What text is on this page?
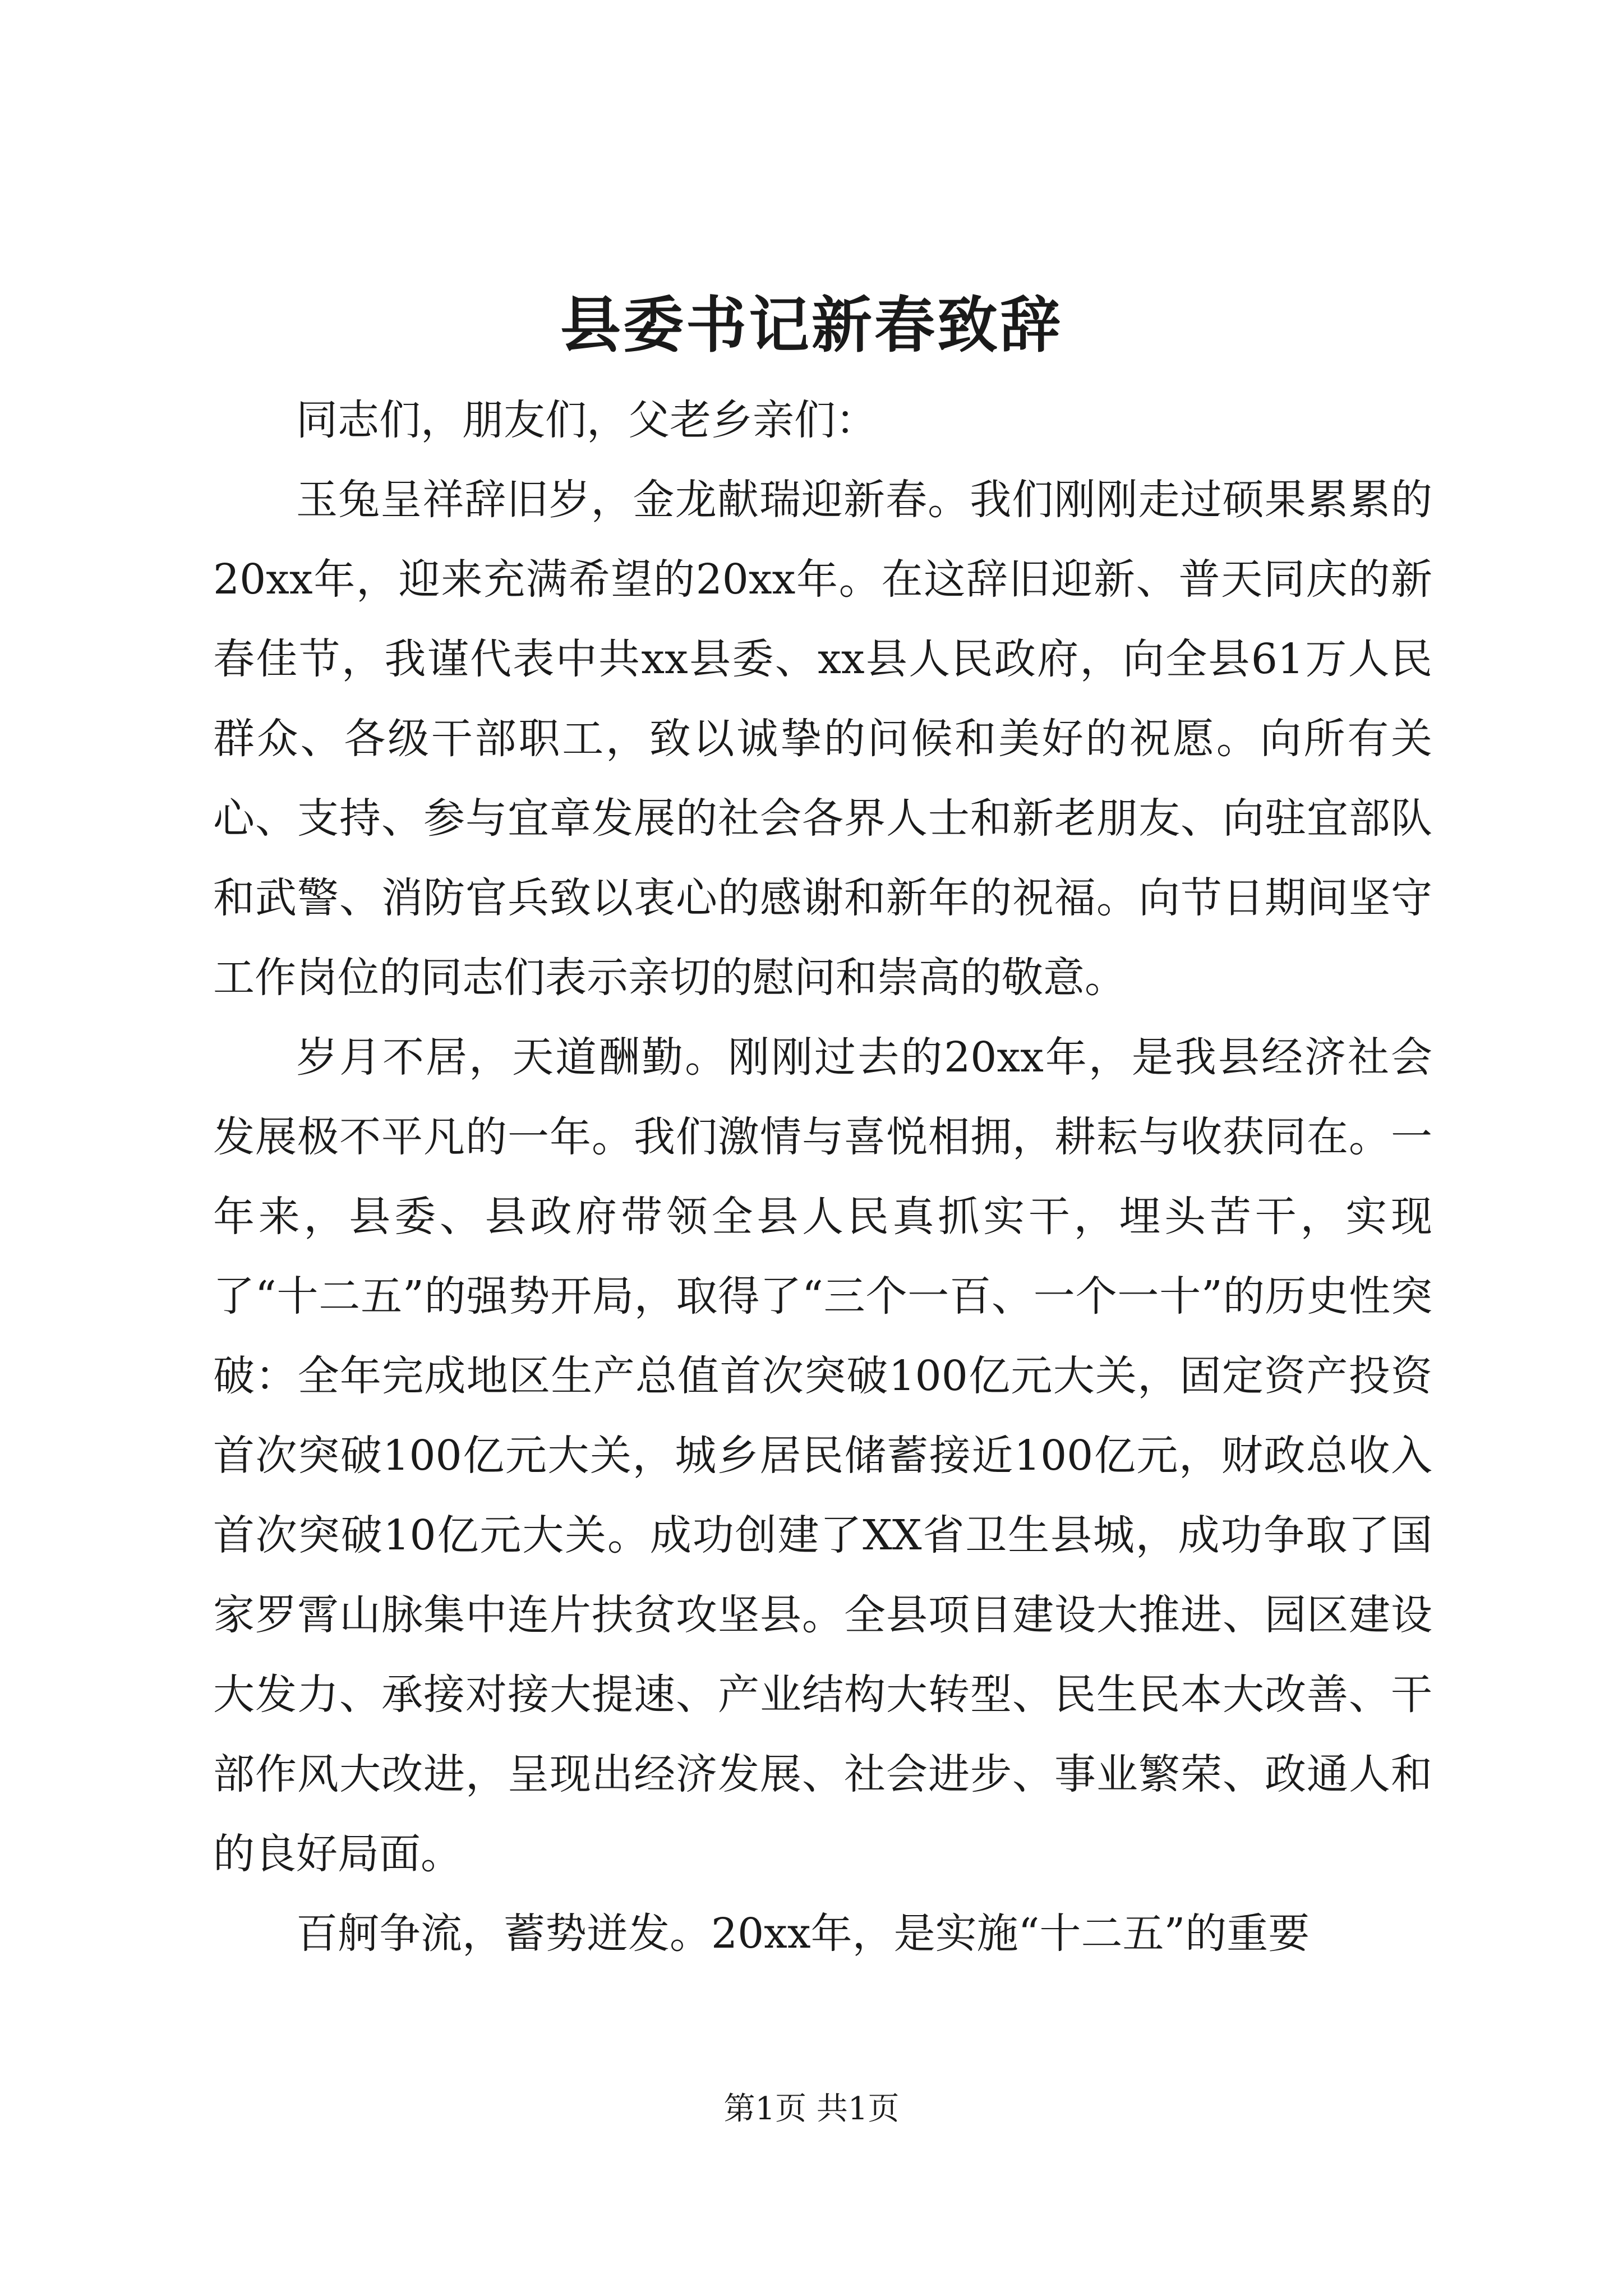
县委书记新春致辞

同志们，朋友们，父老乡亲们：

玉兔呈祥辞旧岁，金龙献瑞迎新春。我们刚刚走过硕果累累的20xx年，迎来充满希望的20xx年。在这辞旧迎新、普天同庆的新春佳节，我谨代表中共xx县委、xx县人民政府，向全县61万人民群众、各级干部职工，致以诚挚的问候和美好的祝愿。向所有关心、支持、参与宜章发展的社会各界人士和新老朋友、向驻宜部队和武警、消防官兵致以衷心的感谢和新年的祝福。向节日期间坚守工作岗位的同志们表示亲切的慰问和崇高的敬意。

岁月不居，天道酬勤。刚刚过去的20xx年，是我县经济社会发展极不平凡的一年。我们激情与喜悦相拥，耕耘与收获同在。一年来，县委、县政府带领全县人民真抓实干，埋头苦干，实现了“十二五”的强势开局，取得了“三个一百、一个一十”的历史性突破：全年完成地区生产总值首次突破100亿元大关，固定资产投资首次突破100亿元大关，城乡居民储蓄接近100亿元，财政总收入首次突破10亿元大关。成功创建了XX省卫生县城，成功争取了国家罗霄山脉集中连片扶贫攻坚县。全县项目建设大推进、园区建设大发力、承接对接大提速、产业结构大转型、民生民本大改善、干部作风大改进，呈现出经济发展、社会进步、事业繁荣、政通人和的良好局面。

百舸争流，蓄势迸发。20xx年，是实施“十二五”的重要

第1页 共1页
